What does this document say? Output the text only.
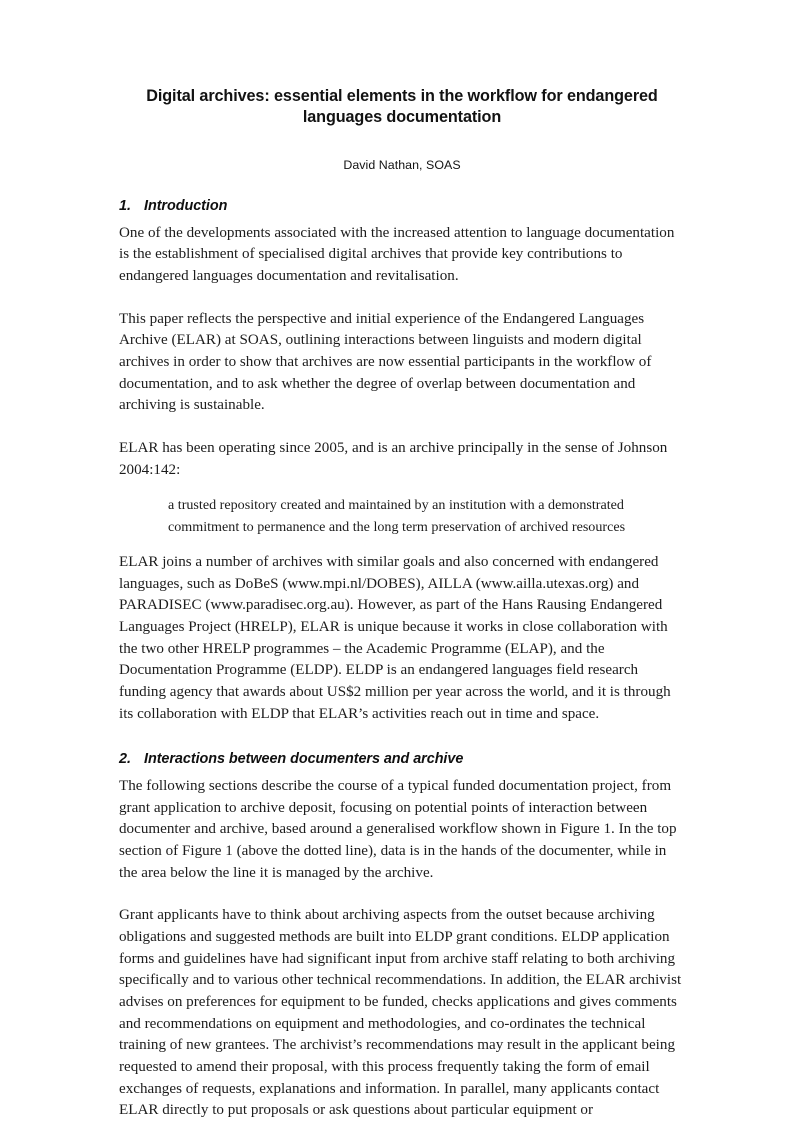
Digital archives: essential elements in the workflow for endangered languages documentation
David Nathan, SOAS
1. Introduction

One of the developments associated with the increased attention to language documentation is the establishment of specialised digital archives that provide key contributions to endangered languages documentation and revitalisation.

This paper reflects the perspective and initial experience of the Endangered Languages Archive (ELAR) at SOAS, outlining interactions between linguists and modern digital archives in order to show that archives are now essential participants in the workflow of documentation, and to ask whether the degree of overlap between documentation and archiving is sustainable.

ELAR has been operating since 2005, and is an archive principally in the sense of Johnson 2004:142:

a trusted repository created and maintained by an institution with a demonstrated commitment to permanence and the long term preservation of archived resources

ELAR joins a number of archives with similar goals and also concerned with endangered languages, such as DoBeS (www.mpi.nl/DOBES), AILLA (www.ailla.utexas.org) and PARADISEC (www.paradisec.org.au). However, as part of the Hans Rausing Endangered Languages Project (HRELP), ELAR is unique because it works in close collaboration with the two other HRELP programmes – the Academic Programme (ELAP), and the Documentation Programme (ELDP). ELDP is an endangered languages field research funding agency that awards about US$2 million per year across the world, and it is through its collaboration with ELDP that ELAR’s activities reach out in time and space.

2. Interactions between documenters and archive

The following sections describe the course of a typical funded documentation project, from grant application to archive deposit, focusing on potential points of interaction between documenter and archive, based around a generalised workflow shown in Figure 1. In the top section of Figure 1 (above the dotted line), data is in the hands of the documenter, while in the area below the line it is managed by the archive.

Grant applicants have to think about archiving aspects from the outset because archiving obligations and suggested methods are built into ELDP grant conditions. ELDP application forms and guidelines have had significant input from archive staff relating to both archiving specifically and to various other technical recommendations. In addition, the ELAR archivist advises on preferences for equipment to be funded, checks applications and gives comments and recommendations on equipment and methodologies, and co-ordinates the technical training of new grantees. The archivist’s recommendations may result in the applicant being requested to amend their proposal, with this process frequently taking the form of email exchanges of requests, explanations and information. In parallel, many applicants contact ELAR directly to put proposals or ask questions about particular equipment or
